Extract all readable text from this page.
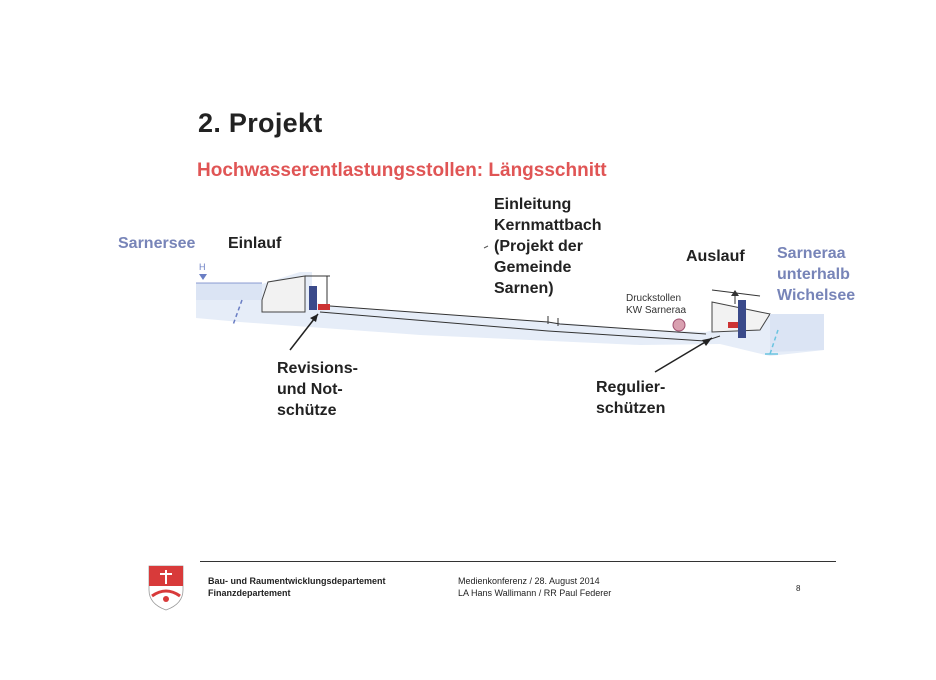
2. Projekt
Hochwasserentlastungsstollen: Längsschnitt
H
Sarnersee Einlauf
Einleitung
Kernmattbach
(Projekt der
Gemeinde
Sarnen)
Auslauf Sarneraa
unterhalb
Wichelsee
Druckstollen
KW Sarneraa
Revisions-
und Not-
schütze
Regulier-
schützen
Bau- und Raumentwicklungsdepartement
Finanzdepartement
Medienkonferenz / 28. August 2014
LA Hans Wallimann / RR Paul Federer	8
